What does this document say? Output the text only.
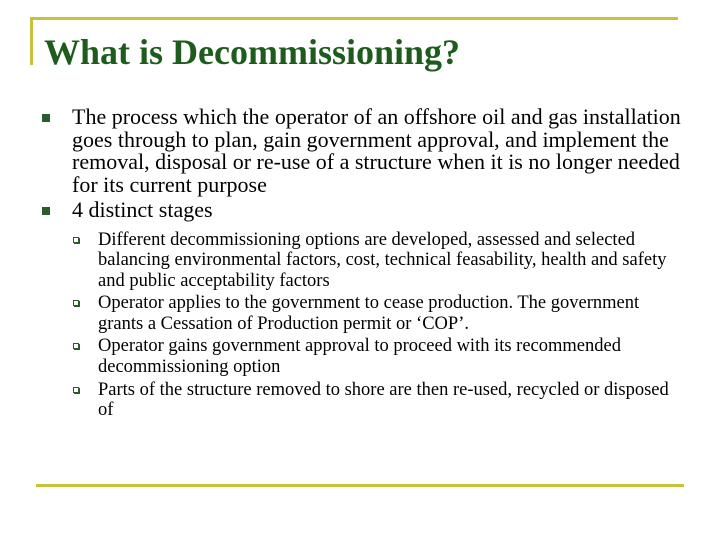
What is Decommissioning?
The process which the operator of an offshore oil and gas installation goes through to plan, gain government approval, and implement the removal, disposal or re-use of a structure when it is no longer needed for its current purpose
4 distinct stages
Different decommissioning options are developed, assessed and selected balancing environmental factors, cost, technical feasability, health and safety and public acceptability factors
Operator applies to the government to cease production. The government grants a Cessation of Production permit or ‘COP’.
Operator gains government approval to proceed with its recommended decommissioning option
Parts of the structure removed to shore are then re-used, recycled or disposed of
